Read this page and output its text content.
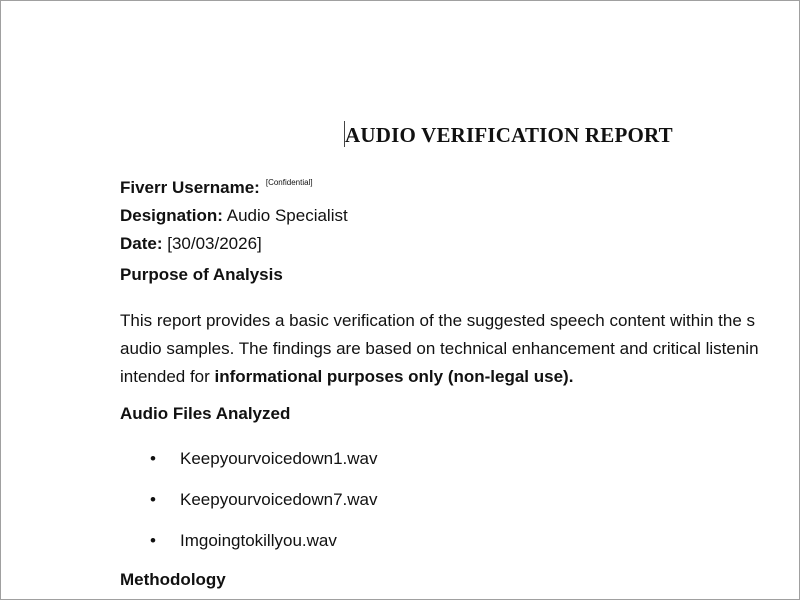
AUDIO VERIFICATION REPORT
Fiverr Username: [Confidential]
Designation: Audio Specialist
Date: [30/03/2026]
Purpose of Analysis
This report provides a basic verification of the suggested speech content within the s
audio samples. The findings are based on technical enhancement and critical listenin
intended for informational purposes only (non-legal use).
Audio Files Analyzed
• Keepyourvoicedown1.wav
• Keepyourvoicedown7.wav
• Imgoingtokillyou.wav
Methodology
